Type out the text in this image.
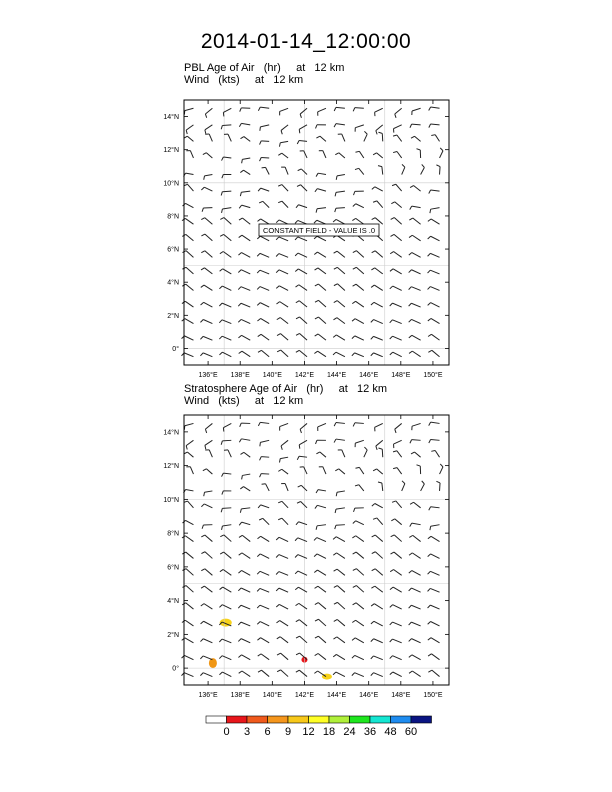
2014-01-14_12:00:00
PBL Age of Air   (hr)     at   12 km
Wind   (kts)     at   12 km
136°E 138°E 140°E 142°E 144°E 146°E 148°E 150°E
0°
2°N
4°N
6°N
8°N
10°N
12°N
14°N
CONSTANT FIELD - VALUE IS .0
Stratosphere Age of Air   (hr)     at   12 km
Wind   (kts)     at   12 km
136°E 138°E 140°E 142°E 144°E 146°E 148°E 150°E
0°
2°N
4°N
6°N
8°N
10°N
12°N
14°N
0 3 6 9 12 18 24 36 48 60
